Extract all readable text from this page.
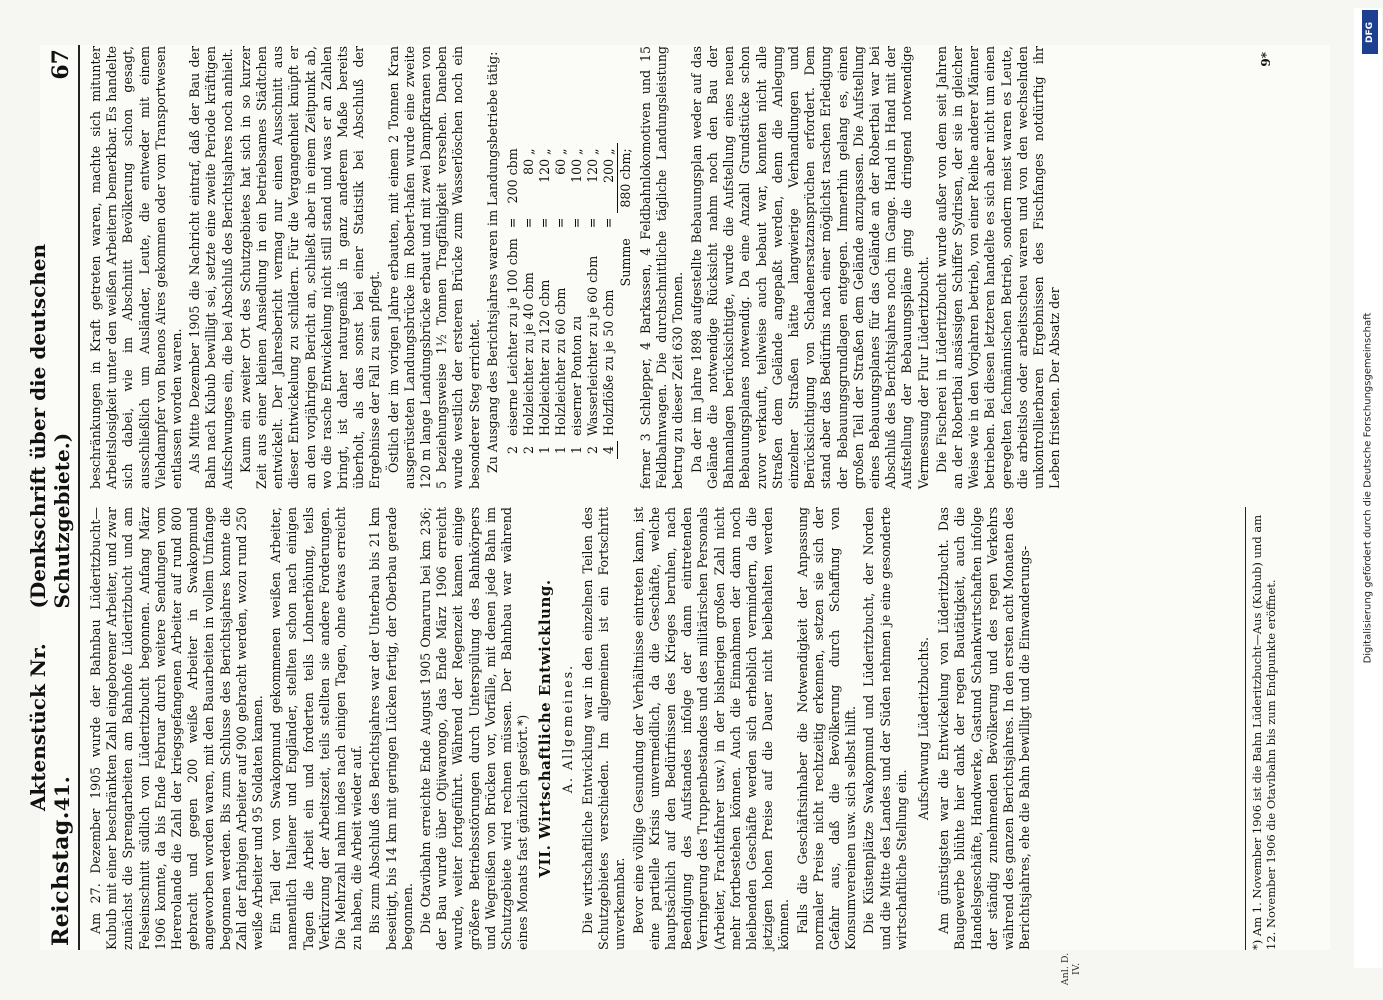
Reichstag.
Aktenstück Nr. 41.
(Denkschrift über die deutschen Schutzgebiete.)
67

Am 27. Dezember 1905 wurde der Bahnbau Lüderitzbucht—Kubub mit einer beschränkten Zahl eingeborener Arbeiter, und zwar zunächst die Sprengarbeiten am Bahnhofe Lüderitzbucht und am Felseinschnitt südlich von Lüderitzbucht begonnen. Anfang März 1906 konnte, da bis Ende Februar durch weitere Sendungen vom Hererolande die Zahl der kriegsgefangenen Arbeiter auf rund 800 gebracht und gegen 200 weiße Arbeiter in Swakopmund angeworben worden waren, mit den Bauarbeiten in vollem Umfange begonnen werden. Bis zum Schlusse des Berichtsjahres konnte die Zahl der farbigen Arbeiter auf 900 gebracht werden, wozu rund 250 weiße Arbeiter und 95 Soldaten kamen. Ein Teil der von Swakopmund gekommenen weißen Arbeiter, namentlich Italiener und Engländer, stellten schon nach einigen Tagen die Arbeit ein und forderten teils Lohnerhöhung, teils Verkürzung der Arbeitszeit, teils stellten sie andere Forderungen. Die Mehrzahl nahm indes nach einigen Tagen, ohne etwas erreicht zu haben, die Arbeit wieder auf. Bis zum Abschluß des Berichtsjahres war der Unterbau bis 21 km beseitigt, bis 14 km mit geringen Lücken fertig, der Oberbau gerade begonnen. Die Otavibahn erreichte Ende August 1905 Omaruru bei km 236; der Bau wurde über Otjiwarongo, das Ende März 1906 erreicht wurde, weiter fortgeführt. Während der Regenzeit kamen einige größere Betriebsstörungen durch Unterspülung des Bahnkörpers und Wegreißen von Brücken vor, Vorfälle, mit denen jede Bahn im Schutzgebiete wird rechnen müssen. Der Bahnbau war während eines Monats fast gänzlich gestört.*) VII. Wirtschaftliche Entwicklung. A. Allgemeines. Die wirtschaftliche Entwicklung war in den einzelnen Teilen des Schutzgebietes verschieden. Im allgemeinen ist ein Fortschritt unverkennbar. Bevor eine völlige Gesundung der Verhältnisse eintreten kann, ist eine partielle Krisis unvermeidlich, da die Geschäfte, welche hauptsächlich auf den Bedürfnissen des Krieges beruhen, nach Beendigung des Aufstandes infolge der dann eintretenden Verringerung des Truppenbestandes und des militärischen Personals (Arbeiter, Frachtfahrer usw.) in der bisherigen großen Zahl nicht mehr fortbestehen können. Auch die Einnahmen der dann noch bleibenden Geschäfte werden sich erheblich vermindern, da die jetzigen hohen Preise auf die Dauer nicht beibehalten werden können. Falls die Geschäftsinhaber die Notwendigkeit der Anpassung normaler Preise nicht rechtzeitig erkennen, setzen sie sich der Gefahr aus, daß die Bevölkerung durch Schaffung von Konsumvereinen usw. sich selbst hilft. Die Küstenplätze Swakopmund und Lüderitzbucht, der Norden und die Mitte des Landes und der Süden nehmen je eine gesonderte wirtschaftliche Stellung ein.

Aufschwung Lüderitzbuchts. Am günstigsten war die Entwickelung von Lüderitzbucht. Das Baugewerbe blühte hier dank der regen Bautätigkeit, auch die Handelsgeschäfte, Handwerke, Gastund Schankwirtschaften infolge der ständig zunehmenden Bevölkerung und des regen Verkehrs während des ganzen Berichtsjahres. In den ersten acht Monaten des Berichtsjahres, ehe die Bahn bewilligt und die Einwanderungs-

beschränkungen in Kraft getreten waren, machte sich mitunter Arbeitslosigkeit unter den weißen Arbeitern bemerkbar. Es handelte sich dabei, wie im Abschnitt Bevölkerung schon gesagt, ausschließlich um Ausländer, Leute, die entweder mit einem Viehdampfer von Buenos Aires gekommen oder vom Transportwesen entlassen worden waren. Als Mitte Dezember 1905 die Nachricht eintraf, daß der Bau der Bahn nach Kubub bewilligt sei, setzte eine zweite Periode kräftigen Aufschwunges ein, die bei Abschluß des Berichtsjahres noch anhielt. Kaum ein zweiter Ort des Schutzgebietes hat sich in so kurzer Zeit aus einer kleinen Ansiedlung in ein betriebsames Städtchen entwickelt. Der Jahresbericht vermag nur einen Ausschnitt aus dieser Entwickelung zu schildern. Für die Vergangenheit knüpft er an den vorjährigen Bericht an, schließt aber in einem Zeitpunkt ab, wo die rasche Entwickelung nicht still stand und was er an Zahlen bringt, ist daher naturgemäß in ganz anderem Maße bereits überholt, als das sonst bei einer Statistik bei Abschluß der Ergebnisse der Fall zu sein pflegt. Östlich der im vorigen Jahre erbauten, mit einem 2 Tonnen Kran ausgerüsteten Landungsbrücke im Robert-hafen wurde eine zweite 120 m lange Landungsbrücke erbaut und mit zwei Dampfkranen von 5 beziehungsweise 1½ Tonnen Tragfähigkeit versehen. Daneben wurde westlich der ersteren Brücke zum Wasserlöschen noch ein besonderer Steg errichtet. Zu Ausgang des Berichtsjahres waren im Landungsbetriebe tätig: 2	eiserne Leichter zu je 100 cbm	=	200 cbm
2	Holzleichter zu je 40 cbm	=	80 „
1	Holzleichter zu 120 cbm	=	120 „
1	Holzleichter zu 60 cbm	=	60 „
1	eiserner Ponton zu	=	100 „
2	Wasserleichter zu je 60 cbm	=	120 „
4	Holzflöße zu je 50 cbm	=	200 „
	Summe		880 cbm; ferner 3 Schlepper, 4 Barkassen, 4 Feldbahnlokomotiven und 15 Feldbahnwagen. Die durchschnittliche tägliche Landungsleistung betrug zu dieser Zeit 630 Tonnen. Da der im Jahre 1898 aufgestellte Bebauungsplan weder auf das Gelände die notwendige Rücksicht nahm noch den Bau der Bahnanlagen berücksichtigte, wurde die Aufstellung eines neuen Bebauungsplanes notwendig. Da eine Anzahl Grundstücke schon zuvor verkauft, teilweise auch bebaut war, konnten nicht alle Straßen dem Gelände angepaßt werden, denn die Anlegung einzelner Straßen hätte langwierige Verhandlungen und Berücksichtigung von Schadenersatzansprüchen erfordert. Dem stand aber das Bedürfnis nach einer möglichst raschen Erledigung der Bebauungsgrundlagen entgegen. Immerhin gelang es, einen großen Teil der Straßen dem Gelände anzupassen. Die Aufstellung eines Bebauungsplanes für das Gelände an der Robertbai war bei Abschluß des Berichtsjahres noch im Gange. Hand in Hand mit der Aufstellung der Bebauungspläne ging die dringend notwendige Vermessung der Flur Lüderitzbucht. Die Fischerei in Lüderitzbucht wurde außer von dem seit Jahren an der Robertbai ansässigen Schiffer Sydrisen, der sie in gleicher Weise wie in den Vorjahren betrieb, von einer Reihe anderer Männer betrieben. Bei diesen letzteren handelte es sich aber nicht um einen geregelten fachmännischen Betrieb, sondern meist waren es Leute, die arbeitslos oder arbeitsscheu waren und von den wechselnden unkontrollierbaren Ergebnissen des Fischfanges notdürftig ihr Leben fristeten. Der Absatz der

9*
*) Am 1. November 1906 ist die Bahn Lüderitzbucht—Aus (Kubub) und am 12. November 1906 die Otavibahn bis zum Endpunkte eröffnet.
Anl. D. IV.
Digitalisierung gefördert durch die Deutsche Forschungsgemeinschaft
DFG
